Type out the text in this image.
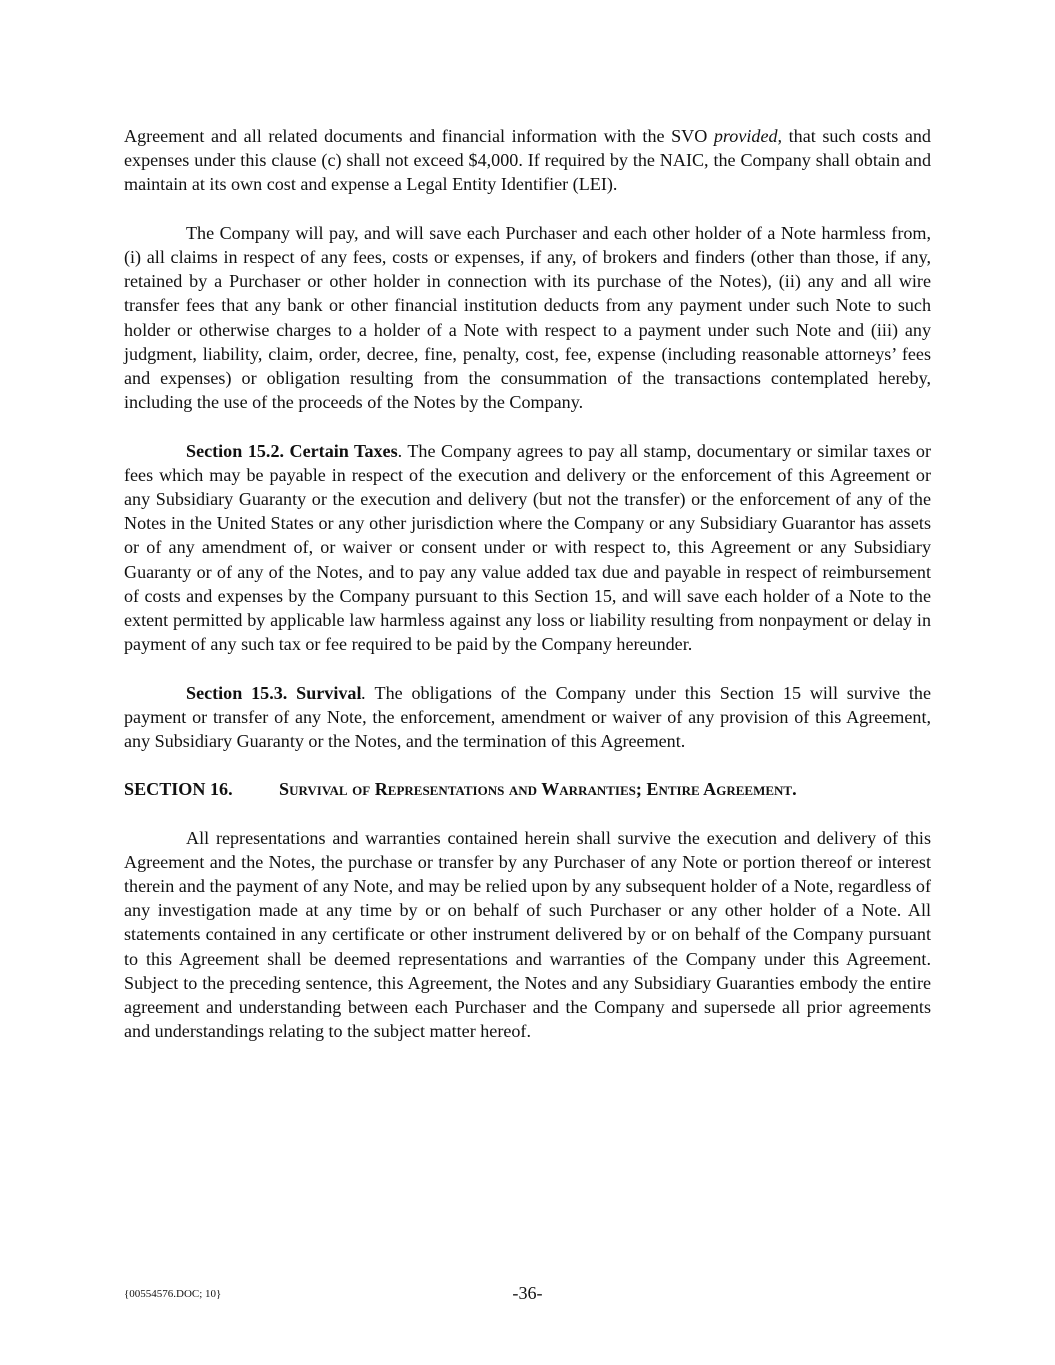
Agreement and all related documents and financial information with the SVO provided, that such costs and expenses under this clause (c) shall not exceed $4,000. If required by the NAIC, the Company shall obtain and maintain at its own cost and expense a Legal Entity Identifier (LEI).

The Company will pay, and will save each Purchaser and each other holder of a Note harmless from, (i) all claims in respect of any fees, costs or expenses, if any, of brokers and finders (other than those, if any, retained by a Purchaser or other holder in connection with its purchase of the Notes), (ii) any and all wire transfer fees that any bank or other financial institution deducts from any payment under such Note to such holder or otherwise charges to a holder of a Note with respect to a payment under such Note and (iii) any judgment, liability, claim, order, decree, fine, penalty, cost, fee, expense (including reasonable attorneys’ fees and expenses) or obligation resulting from the consummation of the transactions contemplated hereby, including the use of the proceeds of the Notes by the Company.

Section 15.2. Certain Taxes. The Company agrees to pay all stamp, documentary or similar taxes or fees which may be payable in respect of the execution and delivery or the enforcement of this Agreement or any Subsidiary Guaranty or the execution and delivery (but not the transfer) or the enforcement of any of the Notes in the United States or any other jurisdiction where the Company or any Subsidiary Guarantor has assets or of any amendment of, or waiver or consent under or with respect to, this Agreement or any Subsidiary Guaranty or of any of the Notes, and to pay any value added tax due and payable in respect of reimbursement of costs and expenses by the Company pursuant to this Section 15, and will save each holder of a Note to the extent permitted by applicable law harmless against any loss or liability resulting from nonpayment or delay in payment of any such tax or fee required to be paid by the Company hereunder.

Section 15.3. Survival. The obligations of the Company under this Section 15 will survive the payment or transfer of any Note, the enforcement, amendment or waiver of any provision of this Agreement, any Subsidiary Guaranty or the Notes, and the termination of this Agreement.

SECTION 16.	Survival of Representations and Warranties; Entire Agreement.

All representations and warranties contained herein shall survive the execution and delivery of this Agreement and the Notes, the purchase or transfer by any Purchaser of any Note or portion thereof or interest therein and the payment of any Note, and may be relied upon by any subsequent holder of a Note, regardless of any investigation made at any time by or on behalf of such Purchaser or any other holder of a Note. All statements contained in any certificate or other instrument delivered by or on behalf of the Company pursuant to this Agreement shall be deemed representations and warranties of the Company under this Agreement. Subject to the preceding sentence, this Agreement, the Notes and any Subsidiary Guaranties embody the entire agreement and understanding between each Purchaser and the Company and supersede all prior agreements and understandings relating to the subject matter hereof.

{00554576.DOC; 10}	-36-
